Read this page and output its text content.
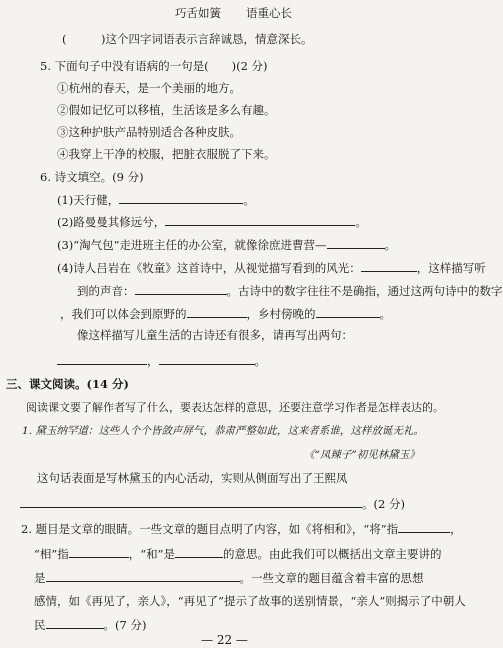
巧舌如簧 语重心长
(　　　)这个四字词语表示言辞诚恳，情意深长。
5. 下面句子中没有语病的一句是(　　)(2 分)
①杭州的春天，是一个美丽的地方。
②假如记忆可以移植，生活该是多么有趣。
③这种护肤产品特别适合各种皮肤。
④我穿上干净的校服，把脏衣服脱了下来。
6. 诗文填空。(9 分)
(1)天行健，	。
(2)路曼曼其修远兮，	。
(3)“淘气包”走进班主任的办公室，就像徐庶进曹营—	。
(4)诗人吕岩在《牧童》这首诗中，从视觉描写看到的风光：	，这样描写听
到的声音：	。古诗中的数字往往不是确指，通过这两句诗中的数字
，我们可以体会到原野的	，乡村傍晚的	。
像这样描写儿童生活的古诗还有很多，请再写出两句：
，	。
三、课文阅读。(14 分)
阅读课文要了解作者写了什么，要表达怎样的意思，还要注意学习作者是怎样表达的。
1. 黛玉纳罕道：这些人个个皆敛声屏气，恭肃严整如此，这来者系谁，这样放诞无礼。
《“凤辣子”初见林黛玉》
这句话表面是写林黛玉的内心活动，实则从侧面写出了王熙凤
。(2 分)
2. 题目是文章的眼睛。一些文章的题目点明了内容，如《将相和》，“将”指	，
“相”指	，“和”是	的意思。由此我们可以概括出文章主要讲的
是	。一些文章的题目蕴含着丰富的思想
感情，如《再见了，亲人》，“再见了”提示了故事的送别情景，“亲人”则揭示了中朝人
民	。(7 分)
— 22 —
